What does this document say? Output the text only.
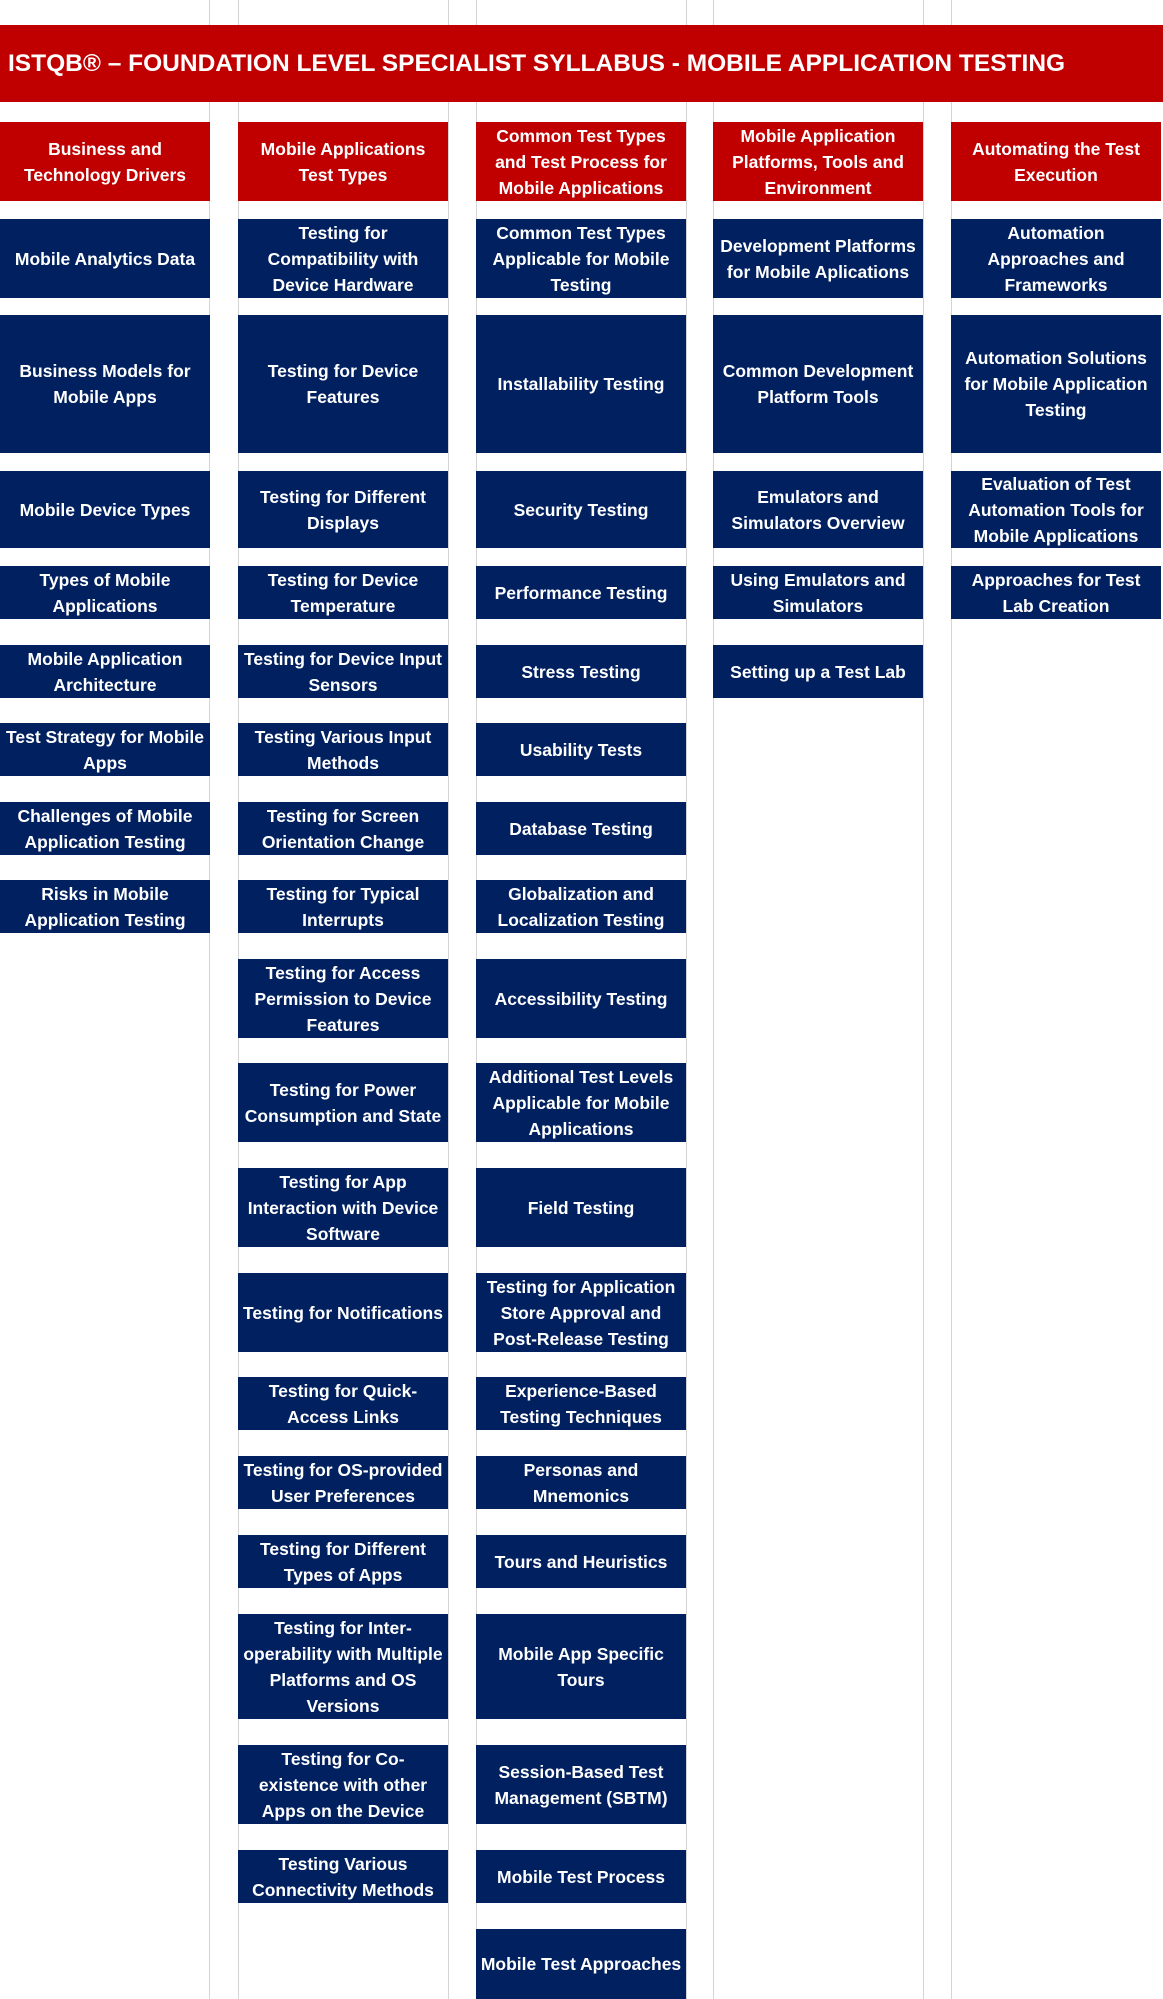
ISTQB® – FOUNDATION LEVEL SPECIALIST SYLLABUS - MOBILE APPLICATION TESTING
Business and Technology Drivers
Mobile Analytics Data
Business Models for Mobile Apps
Mobile Device Types
Types of Mobile Applications
Mobile Application Architecture
Test Strategy for Mobile Apps
Challenges of Mobile Application Testing
Risks in Mobile Application Testing
Mobile Applications Test Types
Testing for Compatibility with Device Hardware
Testing for Device Features
Testing for Different Displays
Testing for Device Temperature
Testing for Device Input Sensors
Testing Various Input Methods
Testing for Screen Orientation Change
Testing for Typical Interrupts
Testing for Access Permission to Device Features
Testing for Power Consumption and State
Testing for App Interaction with Device Software
Testing for Notifications
Testing for Quick-Access Links
Testing for OS-provided User Preferences
Testing for Different Types of Apps
Testing for Inter-operability with Multiple Platforms and OS Versions
Testing for Co-existence with other Apps on the Device
Testing Various Connectivity Methods
Common Test Types and Test Process for Mobile Applications
Common Test Types Applicable for Mobile Testing
Installability Testing
Security Testing
Performance Testing
Stress Testing
Usability Tests
Database Testing
Globalization and Localization Testing
Accessibility Testing
Additional Test Levels Applicable for Mobile Applications
Field Testing
Testing for Application Store Approval and Post-Release Testing
Experience-Based Testing Techniques
Personas and Mnemonics
Tours and Heuristics
Mobile App Specific Tours
Session-Based Test Management (SBTM)
Mobile Test Process
Mobile Test Approaches
Mobile Application Platforms, Tools and Environment
Development Platforms for Mobile Aplications
Common Development Platform Tools
Emulators and Simulators Overview
Using Emulators and Simulators
Setting up a Test Lab
Automating the Test Execution
Automation Approaches and Frameworks
Automation Solutions for Mobile Application Testing
Evaluation of Test Automation Tools for Mobile Applications
Approaches for Test Lab Creation
